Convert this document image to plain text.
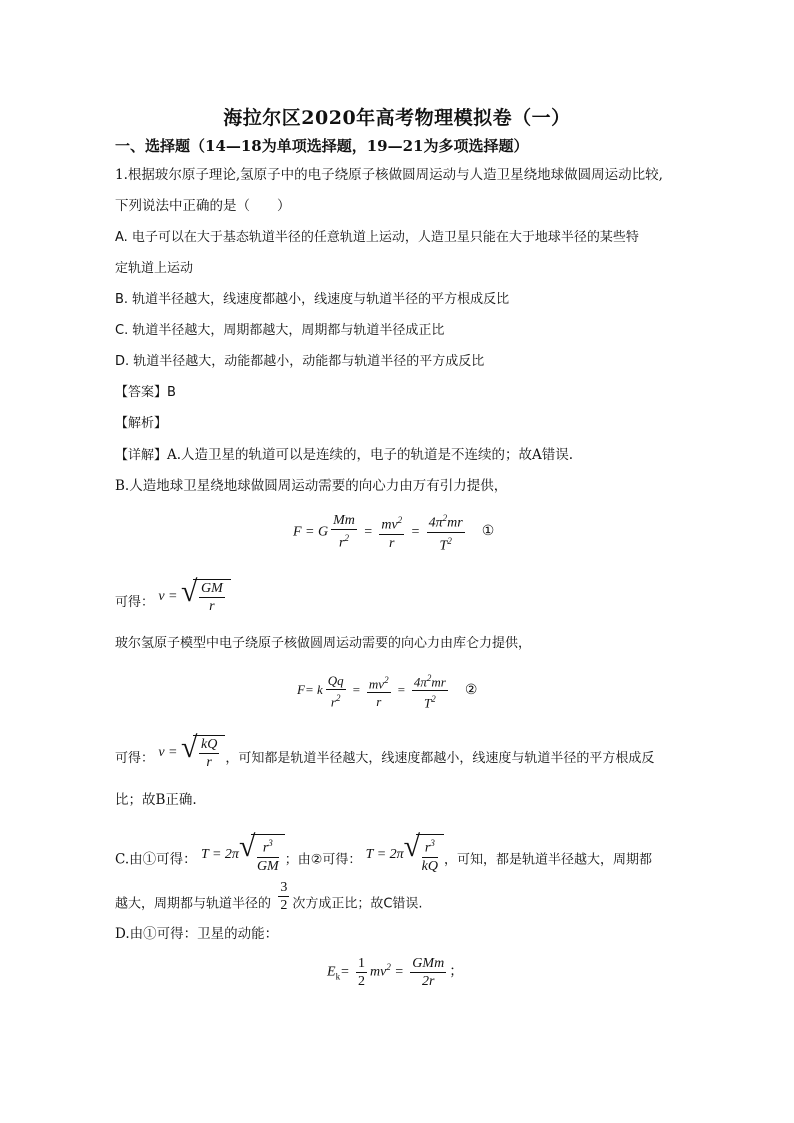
海拉尔区2020年高考物理模拟卷（一）
一、选择题（14—18为单项选择题，19—21为多项选择题）
1.根据玻尔原子理论,氢原子中的电子绕原子核做圆周运动与人造卫星绕地球做圆周运动比较,
下列说法中正确的是（　　）
A. 电子可以在大于基态轨道半径的任意轨道上运动，人造卫星只能在大于地球半径的某些特
定轨道上运动
B. 轨道半径越大，线速度都越小，线速度与轨道半径的平方根成反比
C. 轨道半径越大，周期都越大，周期都与轨道半径成正比
D. 轨道半径越大，动能都越小，动能都与轨道半径的平方成反比
【答案】B
【解析】
【详解】A.人造卫星的轨道可以是连续的，电子的轨道是不连续的；故A错误.
B.人造地球卫星绕地球做圆周运动需要的向心力由万有引力提供，
F = G $\frac{Mm}{r^2} = \frac{mv^2}{r} = \frac{4\pi^2mr}{T^2}$ ①
可得： v = √ $\frac{GM}{r}$
玻尔氢原子模型中电子绕原子核做圆周运动需要的向心力由库仑力提供，
F= k $\frac{Qq}{r^2} = \frac{mv^2}{r} = \frac{4\pi^2mr}{T^2}$ ②
可得： v = √ $\frac{kQ}{r}$ ，可知都是轨道半径越大，线速度都越小，线速度与轨道半径的平方根成反
比；故B正确.
C.由①可得： T = 2π √ $\frac{r^3}{GM}$ ；由②可得： T = 2π √ $\frac{r^3}{kQ}$ ，可知，都是轨道半径越大，周期都
越大，周期都与轨道半径的 $\frac{3}{2}$ 次方成正比；故C错误.
D.由①可得：卫星的动能：
$E_k= \frac{1}{2} mv^2 = \frac{\text{GMm}}{2r}$ ；
